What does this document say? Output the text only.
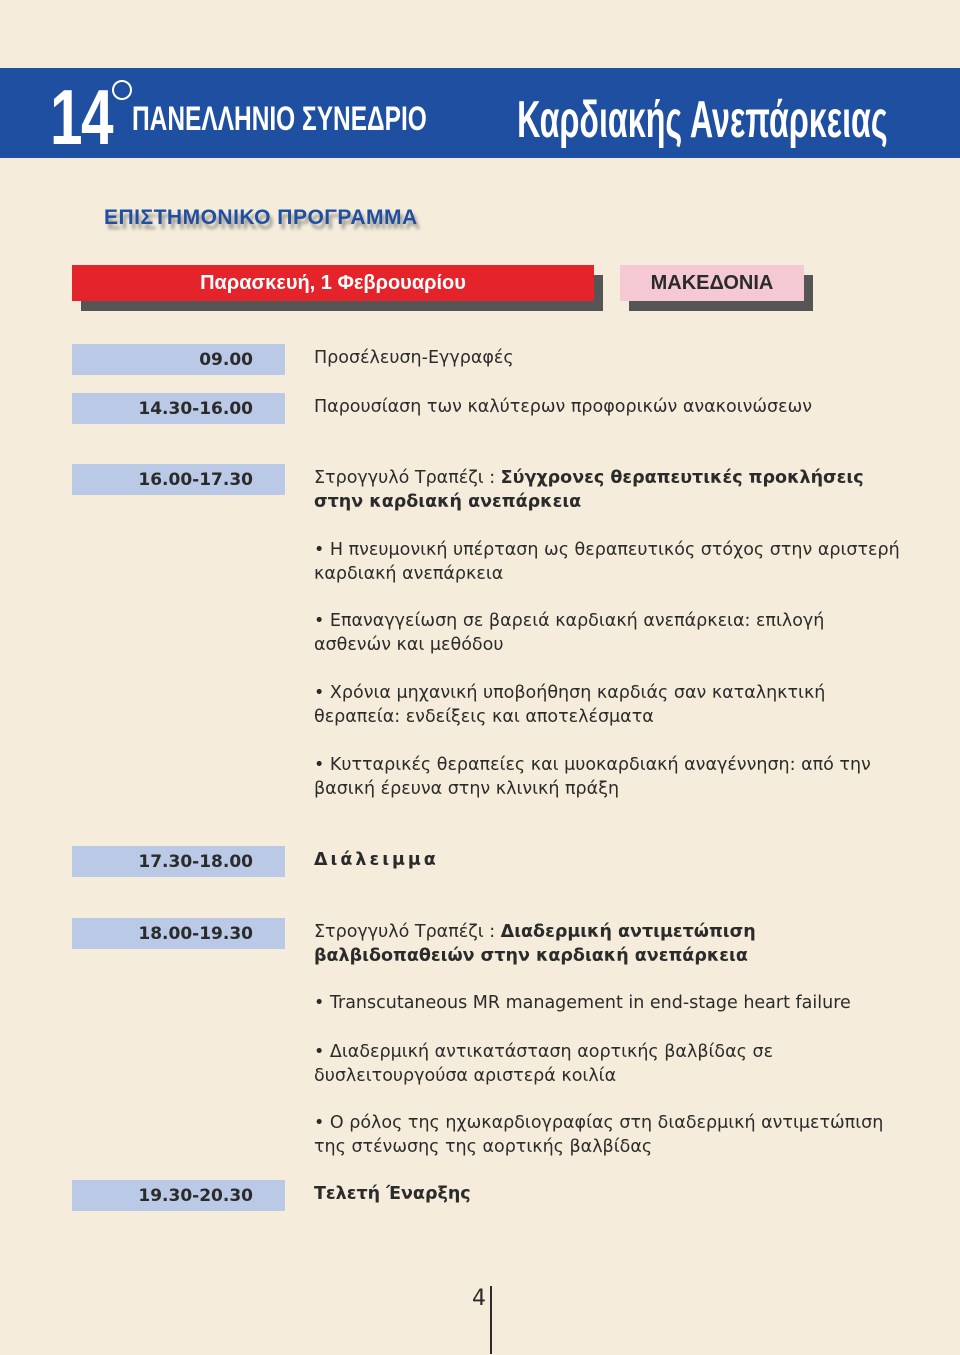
14 ΠΑΝΕΛΛΗΝΙΟ ΣΥΝΕΔΡΙΟ Καρδιακής Ανεπάρκειας
ΕΠΙΣΤΗΜΟΝΙΚΟ ΠΡΟΓΡΑΜΜΑ
Παρασκευή, 1 Φεβρουαρίου	ΜΑΚΕΔΟΝΙΑ
09.00	Προσέλευση-Εγγραφές
14.30-16.00	Παρουσίαση των καλύτερων προφορικών ανακοινώσεων
16.00-17.30	Στρογγυλό Τραπέζι : Σύγχρονες θεραπευτικές προκλήσεις στην καρδιακή ανεπάρκεια
• Η πνευμονική υπέρταση ως θεραπευτικός στόχος στην αριστερή καρδιακή ανεπάρκεια
• Επαναγγείωση σε βαρειά καρδιακή ανεπάρκεια: επιλογή ασθενών και μεθόδου
• Χρόνια μηχανική υποβοήθηση καρδιάς σαν καταληκτική θεραπεία: ενδείξεις και αποτελέσματα
• Κυτταρικές θεραπείες και μυοκαρδιακή αναγέννηση: από την βασική έρευνα στην κλινική πράξη
17.30-18.00	Διάλειμμα
18.00-19.30	Στρογγυλό Τραπέζι : Διαδερμική αντιμετώπιση βαλβιδοπαθειών στην καρδιακή ανεπάρκεια
• Transcutaneous MR management in end-stage heart failure
• Διαδερμική αντικατάσταση αορτικής βαλβίδας σε δυσλειτουργούσα αριστερά κοιλία
• Ο ρόλος της ηχωκαρδιογραφίας στη διαδερμική αντιμετώπιση της στένωσης της αορτικής βαλβίδας
19.30-20.30	Τελετή Έναρξης
4
